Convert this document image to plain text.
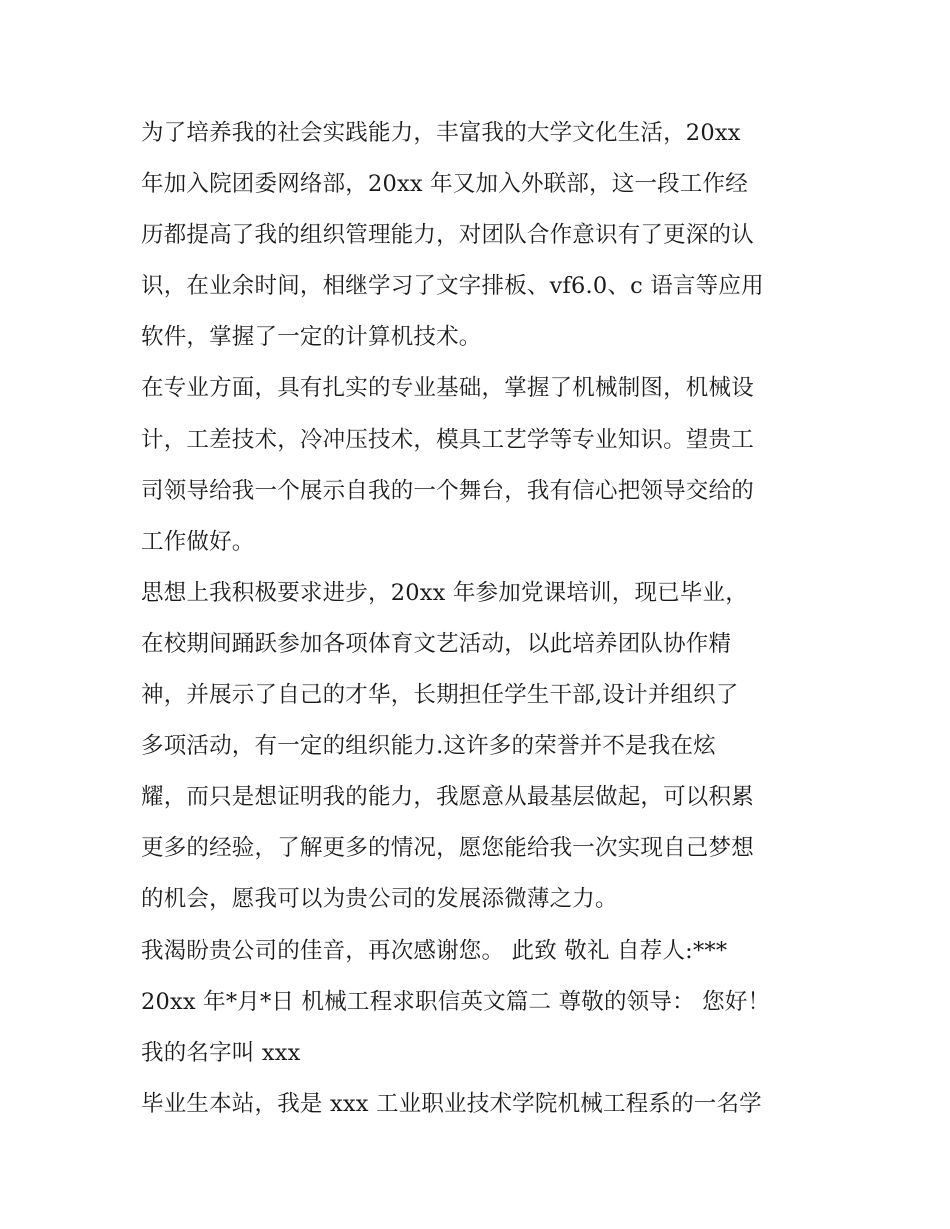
为了培养我的社会实践能力，丰富我的大学文化生活，20xx
年加入院团委网络部，20xx 年又加入外联部，这一段工作经
历都提高了我的组织管理能力，对团队合作意识有了更深的认
识，在业余时间，相继学习了文字排板、vf6.0、c 语言等应用
软件，掌握了一定的计算机技术。
在专业方面，具有扎实的专业基础，掌握了机械制图，机械设
计，工差技术，冷冲压技术，模具工艺学等专业知识。望贵工
司领导给我一个展示自我的一个舞台，我有信心把领导交给的
工作做好。
思想上我积极要求进步，20xx 年参加党课培训，现已毕业，
在校期间踊跃参加各项体育文艺活动，以此培养团队协作精
神，并展示了自己的才华，长期担任学生干部,设计并组织了
多项活动，有一定的组织能力.这许多的荣誉并不是我在炫
耀，而只是想证明我的能力，我愿意从最基层做起，可以积累
更多的经验，了解更多的情况，愿您能给我一次实现自己梦想
的机会，愿我可以为贵公司的发展添微薄之力。
我渴盼贵公司的佳音，再次感谢您。 此致 敬礼 自荐人:***
20xx 年*月*日 机械工程求职信英文篇二 尊敬的领导： 您好！
我的名字叫 xxx
毕业生本站，我是 xxx 工业职业技术学院机械工程系的一名学
